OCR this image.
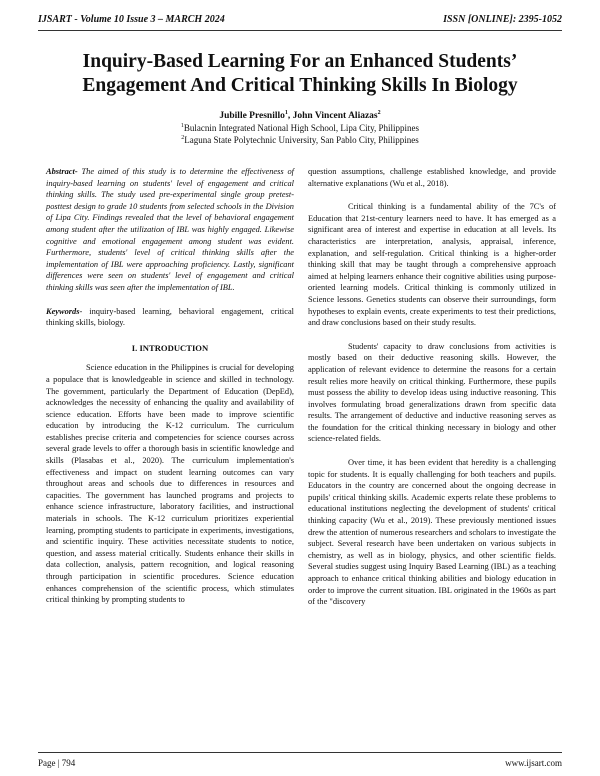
IJSART - Volume 10 Issue 3 – MARCH 2024	ISSN [ONLINE]: 2395-1052
Inquiry-Based Learning For an Enhanced Students’
Engagement And Critical Thinking Skills In Biology
Jubille Presnillo$^1$, John Vincent Aliazas$^2$
$^1$Bulacnin Integrated National High School, Lipa City, Philippines
$^2$Laguna State Polytechnic University, San Pablo City, Philippines

Abstract- The aimed of this study is to determine the effectiveness of inquiry-based learning on students' level of engagement and critical thinking skills. The study used pre-experimental single group pretest-posttest design to grade 10 students from selected schools in the Division of Lipa City. Findings revealed that the level of behavioral engagement among student after the utilization of IBL was highly engaged. Likewise cognitive and emotional engagement among student was evident. Furthermore, students' level of critical thinking skills after the implementation of IBL were approaching proficiency. Lastly, significant differences were seen on students' level of engagement and critical thinking skills was seen after the implementation of IBL.

Keywords- inquiry-based learning, behavioral engagement, critical thinking skills, biology.

I. INTRODUCTION

Science education in the Philippines is crucial for developing a populace that is knowledgeable in science and skilled in technology. The government, particularly the Department of Education (DepEd), acknowledges the necessity of enhancing the quality and availability of science education. Efforts have been made to improve scientific education by introducing the K-12 curriculum. The curriculum establishes precise criteria and competencies for science courses across several grade levels to offer a thorough basis in scientific knowledge and skills (Plasabas et al., 2020). The curriculum implementation's effectiveness and impact on student learning outcomes can vary throughout areas and schools due to differences in resources and capacities. The government has launched programs and projects to enhance science infrastructure, laboratory facilities, and instructional materials in schools. The K-12 curriculum prioritizes experiential learning, prompting students to participate in experiments, investigations, and scientific inquiry. These activities necessitate students to notice, question, and assess material critically. Students enhance their skills in data collection, analysis, pattern recognition, and logical reasoning through participation in scientific procedures. Science education enhances comprehension of the scientific process, which stimulates critical thinking by prompting students to

question assumptions, challenge established knowledge, and provide alternative explanations (Wu et al., 2018).

Critical thinking is a fundamental ability of the 7C's of Education that 21st-century learners need to have. It has emerged as a significant area of interest and expertise in education at all levels. Its characteristics are interpretation, analysis, appraisal, inference, explanation, and self-regulation. Critical thinking is a higher-order thinking skill that may be taught through a comprehensive approach aimed at helping learners enhance their cognitive abilities using purpose-oriented learning models. Critical thinking is commonly utilized in Science lessons. Genetics students can observe their surroundings, form hypotheses to explain events, create experiments to test their predictions, and draw conclusions based on their study results.

Students' capacity to draw conclusions from activities is mostly based on their deductive reasoning skills. However, the application of relevant evidence to determine the reasons for a certain result relies more heavily on critical thinking. Furthermore, these pupils must possess the ability to develop ideas using inductive reasoning. This involves formulating broad generalizations drawn from specific data results. The arrangement of deductive and inductive reasoning serves as the foundation for the critical thinking necessary in biology and other science-related fields.

Over time, it has been evident that heredity is a challenging topic for students. It is equally challenging for both teachers and pupils. Educators in the country are concerned about the ongoing decrease in pupils' critical thinking skills. Academic experts relate these problems to educational institutions neglecting the development of students' critical thinking capacity (Wu et al., 2019). These previously mentioned issues drew the attention of numerous researchers and scholars to investigate the subject. Several research have been undertaken on various subjects in chemistry, as well as in biology, physics, and other scientific fields. Several studies suggest using Inquiry Based Learning (IBL) as a teaching approach to enhance critical thinking abilities and biology education in order to improve the current situation. IBL originated in the 1960s as part of the "discovery

Page | 794	www.ijsart.com
